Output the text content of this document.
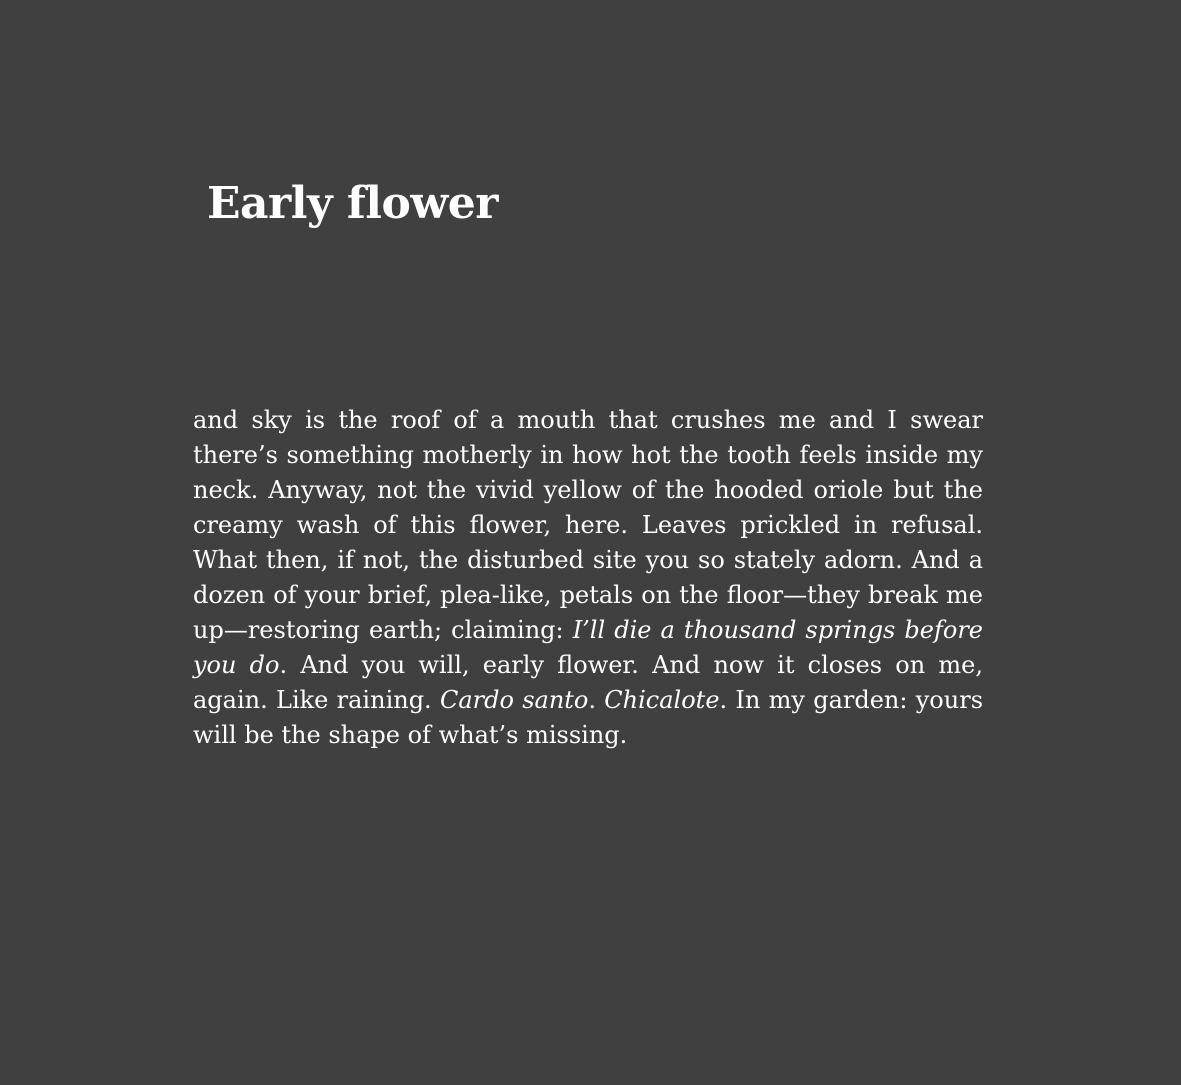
Early flower

and sky is the roof of a mouth that crushes me and I swear there’s something motherly in how hot the tooth feels inside my neck. Anyway, not the vivid yellow of the hooded oriole but the creamy wash of this flower, here. Leaves prickled in refusal. What then, if not, the disturbed site you so stately adorn. And a dozen of your brief, plea-like, petals on the floor—they break me up—restoring earth; claiming: I’ll die a thousand springs before you do. And you will, early flower. And now it closes on me, again. Like raining. Cardo santo. Chicalote. In my garden: yours will be the shape of what’s missing.
